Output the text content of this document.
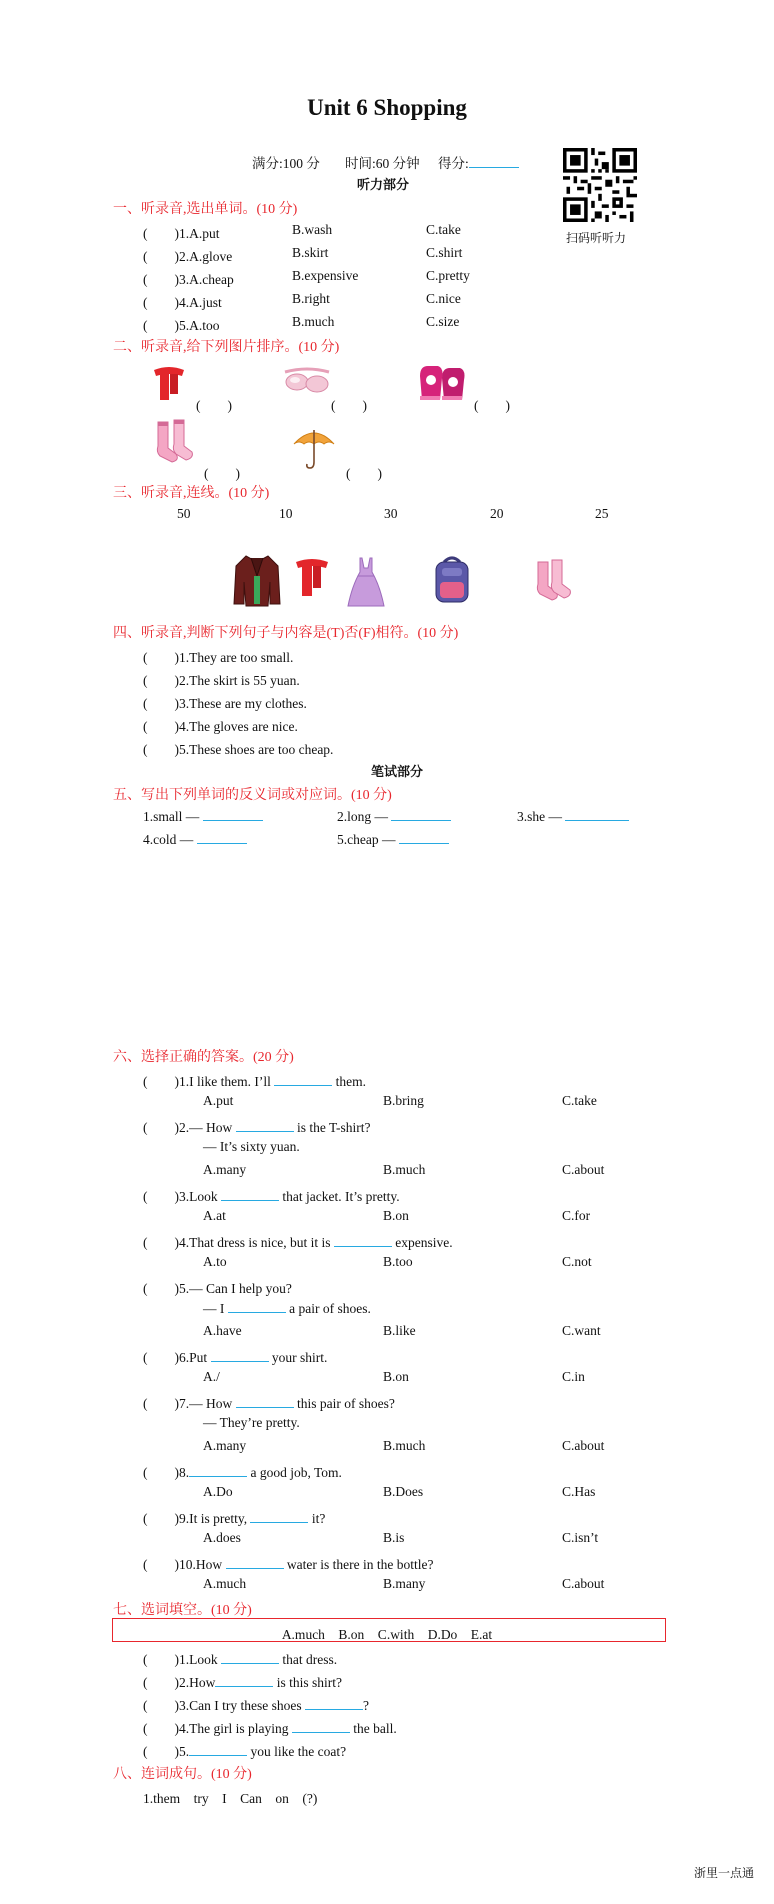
Unit 6 Shopping
满分:100 分 时间:60 分钟 得分:
扫码听听力
听力部分
一、听录音,选出单词。(10 分)
(　　)1.A.put	B.wash	C.take
(　　)2.A.glove	B.skirt	C.shirt
(　　)3.A.cheap	B.expensive	C.pretty
(　　)4.A.just	B.right	C.nice
(　　)5.A.too	B.much	C.size
二、听录音,给下列图片排序。(10 分)
(　　)	(　　)	(　　)
(　　)	(　　)
三、听录音,连线。(10 分)
50	10	30	20	25
四、听录音,判断下列句子与内容是(T)否(F)相符。(10 分)
(　　)1.They are too small.
(　　)2.The skirt is 55 yuan.
(　　)3.These are my clothes.
(　　)4.The gloves are nice.
(　　)5.These shoes are too cheap.
笔试部分
五、写出下列单词的反义词或对应词。(10 分)
1.small —	2.long —	3.she —
4.cold —	5.cheap —
六、选择正确的答案。(20 分)
(　　)1.I like them. I’ll	them.
A.put	B.bring	C.take
(　　)2.— How	is the T-shirt?
— It’s sixty yuan.
A.many	B.much	C.about
(　　)3.Look	that jacket. It’s pretty.
A.at	B.on	C.for
(　　)4.That dress is nice, but it is	expensive.
A.to	B.too	C.not
(　　)5.— Can I help you?
— I	a pair of shoes.
A.have	B.like	C.want
(　　)6.Put	your shirt.
A./	B.on	C.in
(　　)7.— How	this pair of shoes?
— They’re pretty.
A.many	B.much	C.about
(　　)8.	a good job, Tom.
A.Do	B.Does	C.Has
(　　)9.It is pretty,	it?
A.does	B.is	C.isn’t
(　　)10.How	water is there in the bottle?
A.much	B.many	C.about
七、选词填空。(10 分)
A.much　B.on　C.with　D.Do　E.at
(　　)1.Look	that dress.
(　　)2.How	is this shirt?
(　　)3.Can I try these shoes	?
(　　)4.The girl is playing	the ball.
(　　)5.	you like the coat?
八、连词成句。(10 分)
1.them　try　I　Can　on　(?)
浙里一点通
